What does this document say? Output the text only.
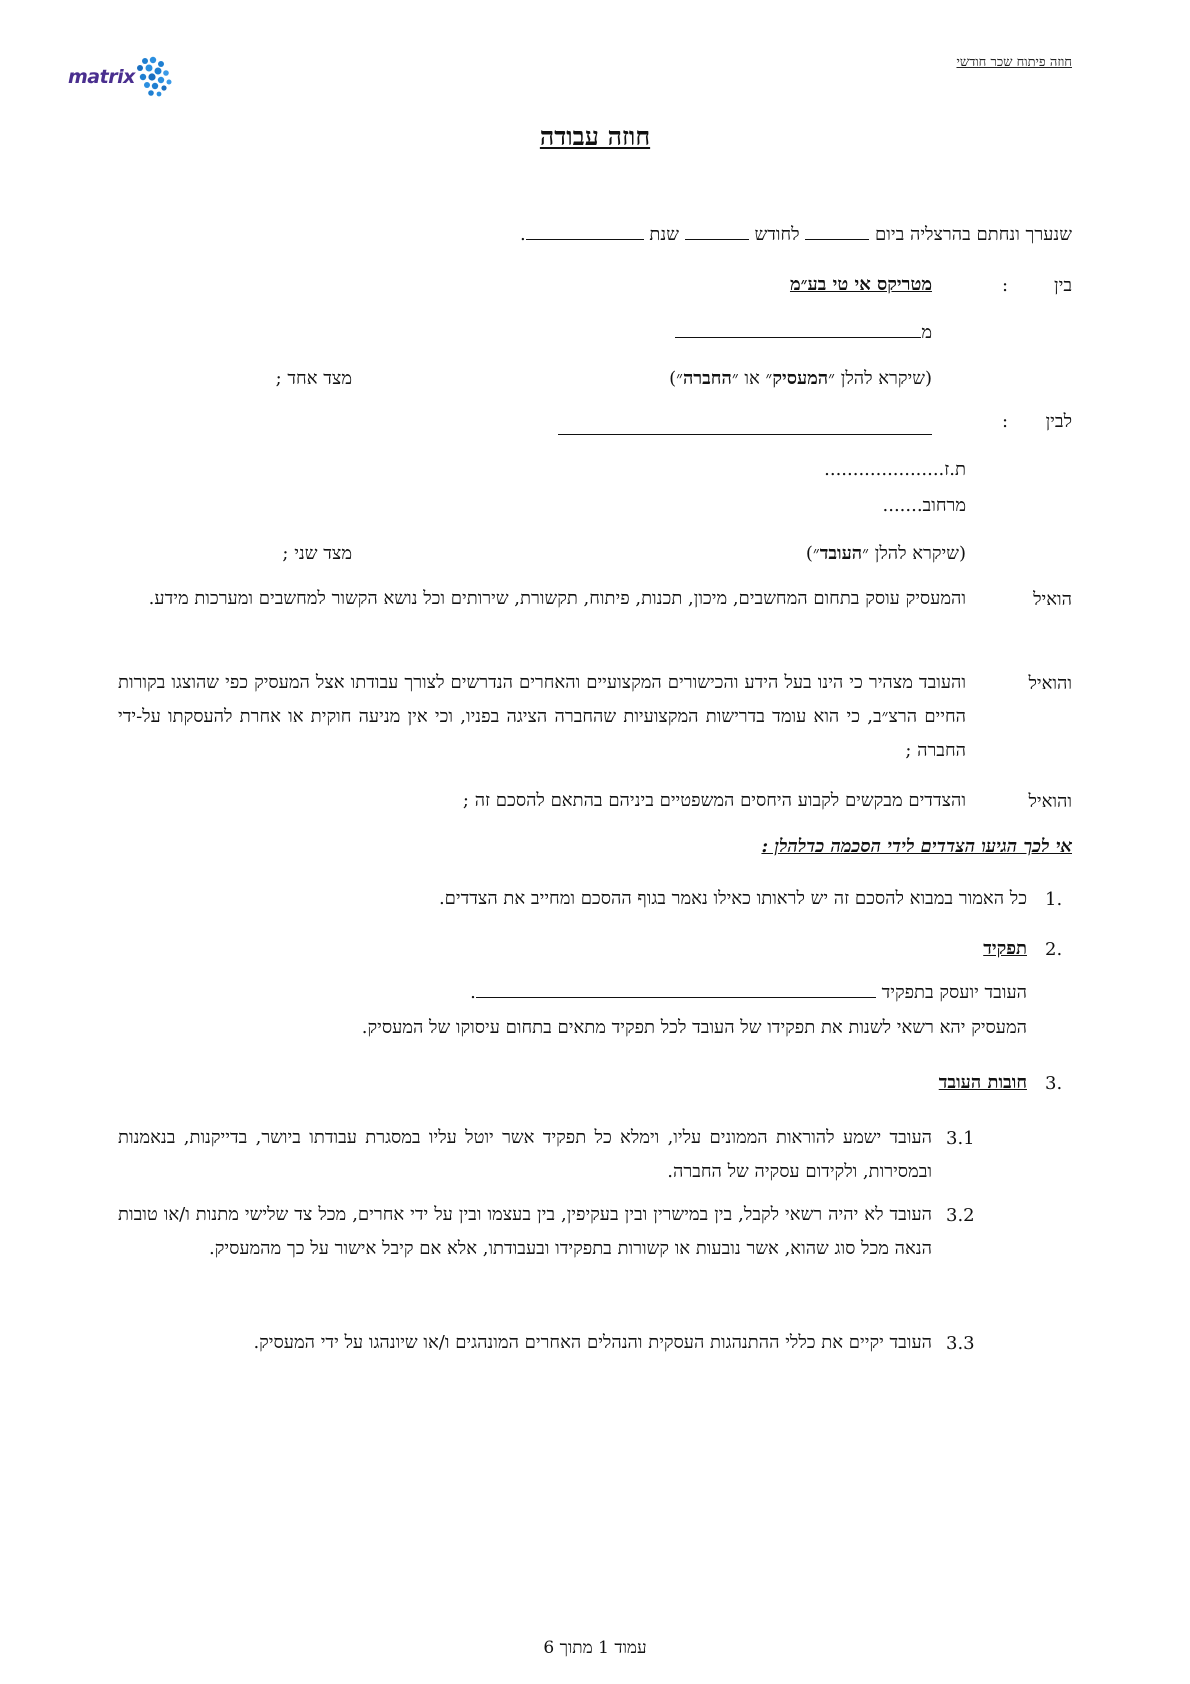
חוזה פיתוח שכר חודשי
matrix
חוזה עבודה
שנערך ונחתם בהרצליה ביום  לחודש  שנת .
בין
:
מטריקס אי טי בע״מ
מ
(שיקרא להלן ״המעסיק״ או ״החברה״)
מצד אחד ;
לבין
:
ת.ז.....................
מרחוב.......
(שיקרא להלן ״העובד״)
מצד שני ;
הואיל
והמעסיק עוסק בתחום המחשבים, מיכון, תכנות, פיתוח, תקשורת, שירותים וכל נושא הקשור למחשבים ומערכות מידע.
והואיל
והעובד מצהיר כי הינו בעל הידע והכישורים המקצועיים והאחרים הנדרשים לצורך עבודתו אצל המעסיק כפי שהוצגו בקורות החיים הרצ״ב, כי הוא עומד בדרישות המקצועיות שהחברה הציגה בפניו, וכי אין מניעה חוקית או אחרת להעסקתו על-ידי החברה ;
והואיל
והצדדים מבקשים לקבוע היחסים המשפטיים ביניהם בהתאם להסכם זה ;
אי לכך הגיעו הצדדים לידי הסכמה כדלהלן :
1.
כל האמור במבוא להסכם זה יש לראותו כאילו נאמר בגוף ההסכם ומחייב את הצדדים.
2.
תפקיד
העובד יועסק בתפקיד .
המעסיק יהא רשאי לשנות את תפקידו של העובד לכל תפקיד מתאים בתחום עיסוקו של המעסיק.
3.
חובות העובד
3.1
העובד ישמע להוראות הממונים עליו, וימלא כל תפקיד אשר יוטל עליו במסגרת עבודתו ביושר, בדייקנות, בנאמנות ובמסירות, ולקידום עסקיה של החברה.
3.2
העובד לא יהיה רשאי לקבל, בין במישרין ובין בעקיפין, בין בעצמו ובין על ידי אחרים, מכל צד שלישי מתנות ו/או טובות הנאה מכל סוג שהוא, אשר נובעות או קשורות בתפקידו ובעבודתו, אלא אם קיבל אישור על כך מהמעסיק.
3.3
העובד יקיים את כללי ההתנהגות העסקית והנהלים האחרים המונהגים ו/או שיונהגו על ידי המעסיק.
עמוד 1 מתוך 6
